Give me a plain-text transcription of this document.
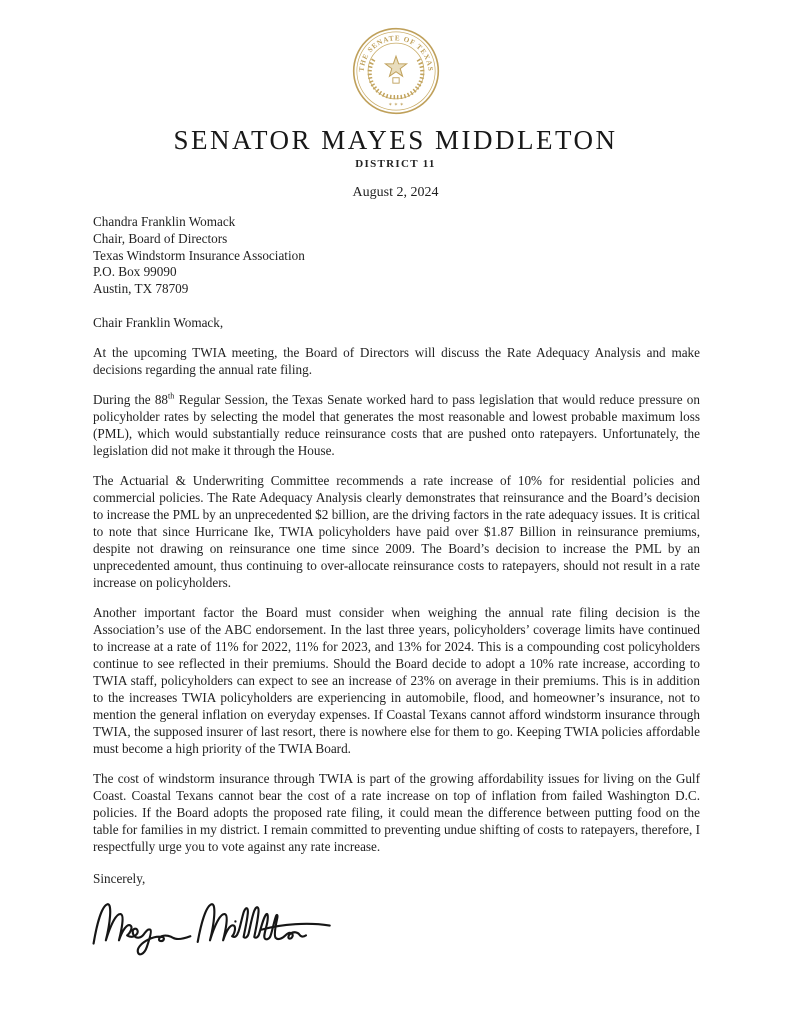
THE SENATE OF TEXAS
✶ ✶ ✶
SENATOR MAYES MIDDLETON
DISTRICT 11
August 2, 2024
Chandra Franklin Womack
Chair, Board of Directors
Texas Windstorm Insurance Association
P.O. Box 99090
Austin, TX 78709

Chair Franklin Womack,

At the upcoming TWIA meeting, the Board of Directors will discuss the Rate Adequacy Analysis and make decisions regarding the annual rate filing.

During the 88th Regular Session, the Texas Senate worked hard to pass legislation that would reduce pressure on policyholder rates by selecting the model that generates the most reasonable and lowest probable maximum loss (PML), which would substantially reduce reinsurance costs that are pushed onto ratepayers. Unfortunately, the legislation did not make it through the House.

The Actuarial & Underwriting Committee recommends a rate increase of 10% for residential policies and commercial policies. The Rate Adequacy Analysis clearly demonstrates that reinsurance and the Board’s decision to increase the PML by an unprecedented $2 billion, are the driving factors in the rate adequacy issues. It is critical to note that since Hurricane Ike, TWIA policyholders have paid over $1.87 Billion in reinsurance premiums, despite not drawing on reinsurance one time since 2009. The Board’s decision to increase the PML by an unprecedented amount, thus continuing to over-allocate reinsurance costs to ratepayers, should not result in a rate increase on policyholders.

Another important factor the Board must consider when weighing the annual rate filing decision is the Association’s use of the ABC endorsement. In the last three years, policyholders’ coverage limits have continued to increase at a rate of 11% for 2022, 11% for 2023, and 13% for 2024. This is a compounding cost policyholders continue to see reflected in their premiums. Should the Board decide to adopt a 10% rate increase, according to TWIA staff, policyholders can expect to see an increase of 23% on average in their premiums. This is in addition to the increases TWIA policyholders are experiencing in automobile, flood, and homeowner’s insurance, not to mention the general inflation on everyday expenses. If Coastal Texans cannot afford windstorm insurance through TWIA, the supposed insurer of last resort, there is nowhere else for them to go. Keeping TWIA policies affordable must become a high priority of the TWIA Board.

The cost of windstorm insurance through TWIA is part of the growing affordability issues for living on the Gulf Coast. Coastal Texans cannot bear the cost of a rate increase on top of inflation from failed Washington D.C. policies. If the Board adopts the proposed rate filing, it could mean the difference between putting food on the table for families in my district. I remain committed to preventing undue shifting of costs to ratepayers, therefore, I respectfully urge you to vote against any rate increase.

Sincerely,
